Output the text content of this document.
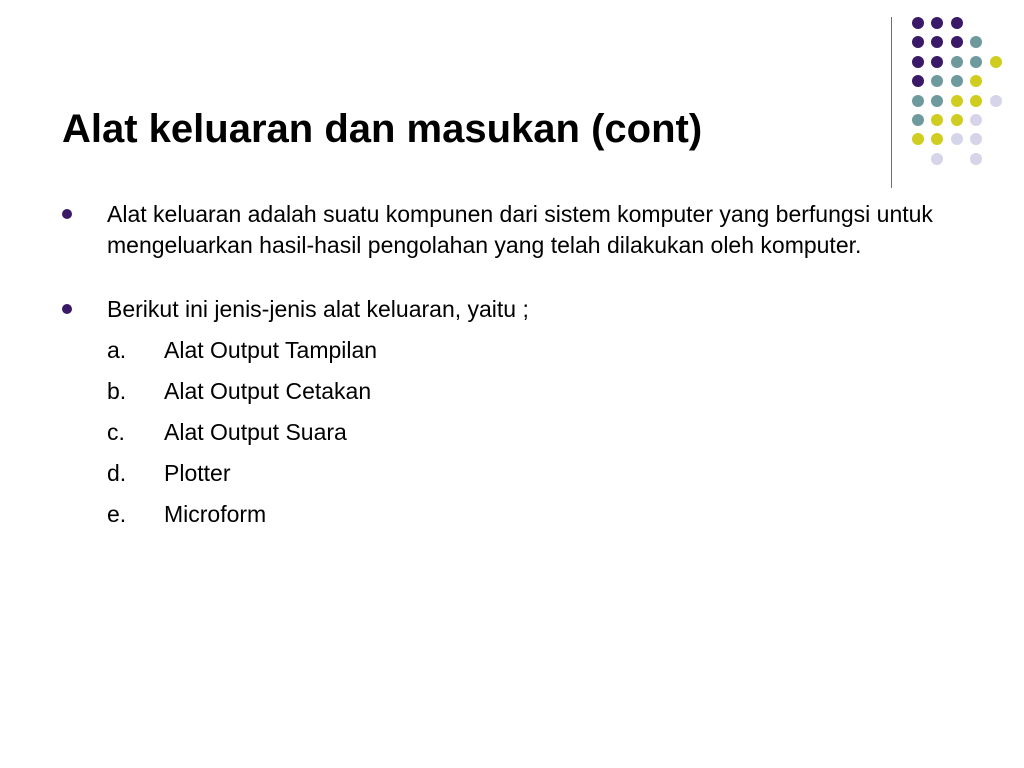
Alat keluaran dan masukan (cont)
Alat keluaran adalah suatu kompunen dari sistem komputer yang berfungsi untuk mengeluarkan hasil-hasil pengolahan yang telah dilakukan oleh komputer.
Berikut ini jenis-jenis alat keluaran, yaitu ;
a.	Alat Output Tampilan
b.	Alat Output Cetakan
c.	Alat Output Suara
d.	Plotter
e.	Microform
